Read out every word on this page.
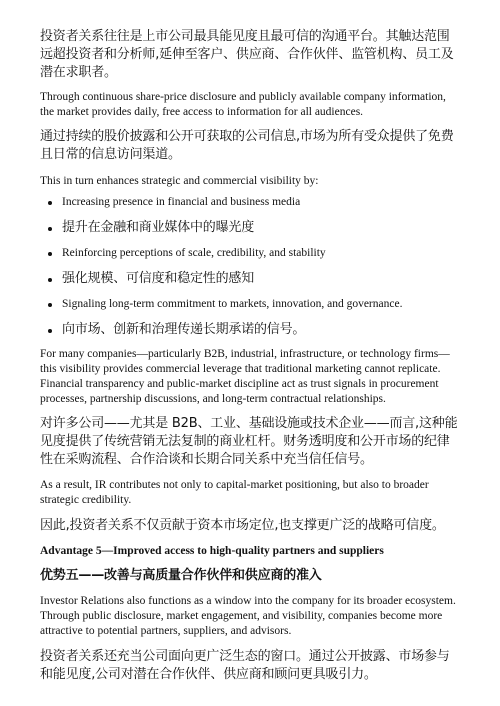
投资者关系往往是上市公司最具能见度且最可信的沟通平台。其触达范围远超投资者和分析师,延伸至客户、供应商、合作伙伴、监管机构、员工及潜在求职者。

Through continuous share-price disclosure and publicly available company information, the market provides daily, free access to information for all audiences.

通过持续的股价披露和公开可获取的公司信息,市场为所有受众提供了免费且日常的信息访问渠道。

This in turn enhances strategic and commercial visibility by:

Increasing presence in financial and business media
提升在金融和商业媒体中的曝光度
Reinforcing perceptions of scale, credibility, and stability
强化规模、可信度和稳定性的感知
Signaling long-term commitment to markets, innovation, and governance.
向市场、创新和治理传递长期承诺的信号。

For many companies—particularly B2B, industrial, infrastructure, or technology firms—this visibility provides commercial leverage that traditional marketing cannot replicate. Financial transparency and public-market discipline act as trust signals in procurement processes, partnership discussions, and long-term contractual relationships.

对许多公司——尤其是 B2B、工业、基础设施或技术企业——而言,这种能见度提供了传统营销无法复制的商业杠杆。财务透明度和公开市场的纪律性在采购流程、合作洽谈和长期合同关系中充当信任信号。

As a result, IR contributes not only to capital-market positioning, but also to broader strategic credibility.

因此,投资者关系不仅贡献于资本市场定位,也支撑更广泛的战略可信度。

Advantage 5—Improved access to high-quality partners and suppliers

优势五——改善与高质量合作伙伴和供应商的准入

Investor Relations also functions as a window into the company for its broader ecosystem. Through public disclosure, market engagement, and visibility, companies become more attractive to potential partners, suppliers, and advisors.

投资者关系还充当公司面向更广泛生态的窗口。通过公开披露、市场参与和能见度,公司对潜在合作伙伴、供应商和顾问更具吸引力。
